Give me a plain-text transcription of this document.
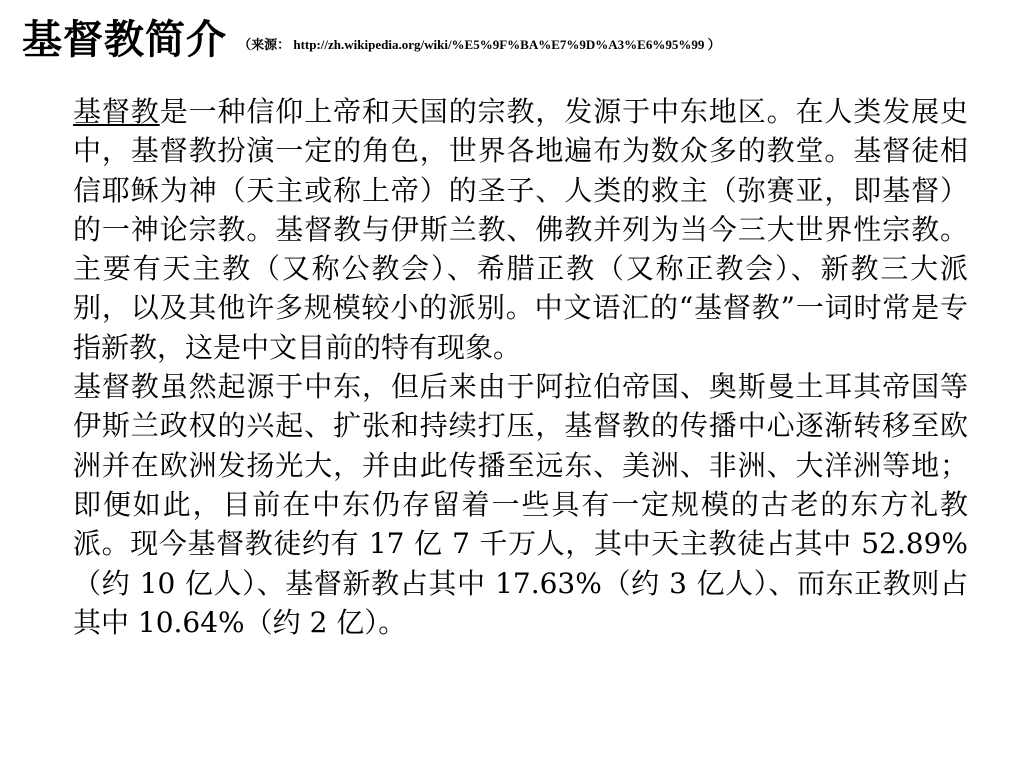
基督教简介 $^{(来源: http://zh.wikipedia.org/wiki/\%E5\%9F\%BA\%E7\%9D\%A3\%E6\%95\%99 )}$

基督教是一种信仰上帝和天国的宗教，发源于中东地区。在人类发展史中，基督教扮演一定的角色，世界各地遍布为数众多的教堂。基督徒相信耶稣为神（天主或称上帝）的圣子、人类的救主（弥赛亚，即基督）的一神论宗教。基督教与伊斯兰教、佛教并列为当今三大世界性宗教。主要有天主教（又称公教会）、希腊正教（又称正教会）、新教三大派别，以及其他许多规模较小的派别。中文语汇的“基督教”一词时常是专指新教，这是中文目前的特有现象。

基督教虽然起源于中东，但后来由于阿拉伯帝国、奥斯曼土耳其帝国等伊斯兰政权的兴起、扩张和持续打压，基督教的传播中心逐渐转移至欧洲并在欧洲发扬光大，并由此传播至远东、美洲、非洲、大洋洲等地；即便如此，目前在中东仍存留着一些具有一定规模的古老的东方礼教派。现今基督教徒约有 17 亿 7 千万人，其中天主教徒占其中 52.89%（约 10 亿人）、基督新教占其中 17.63%（约 3 亿人）、而东正教则占其中 10.64%（约 2 亿）。
